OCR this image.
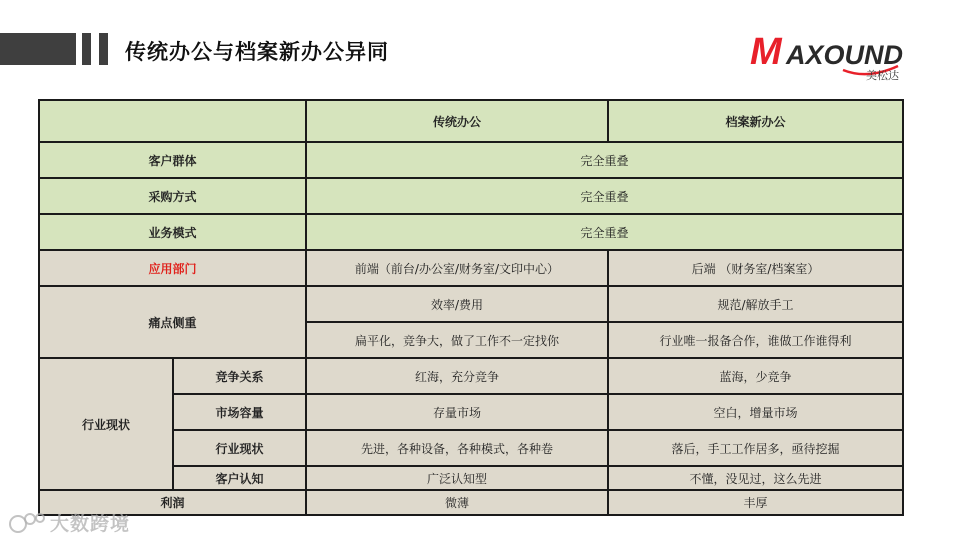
传统办公与档案新办公异同	M AXOUND
美松达
		传统办公	档案新办公
客户群体		完全重叠	
采购方式		完全重叠	
业务模式		完全重叠	
应用部门		前端（前台/办公室/财务室/文印中心）	后端 （财务室/档案室）
痛点侧重		效率/费用	规范/解放手工
		扁平化，竞争大，做了工作不一定找你	行业唯一报备合作，谁做工作谁得利
行业现状	竞争关系	红海，充分竞争	蓝海，少竞争
	市场容量	存量市场	空白，增量市场
	行业现状	先进，各种设备，各种模式，各种卷	落后，手工工作居多，亟待挖掘
	客户认知	广泛认知型	不懂，没见过，这么先进
利润		微薄	丰厚
大数跨境
